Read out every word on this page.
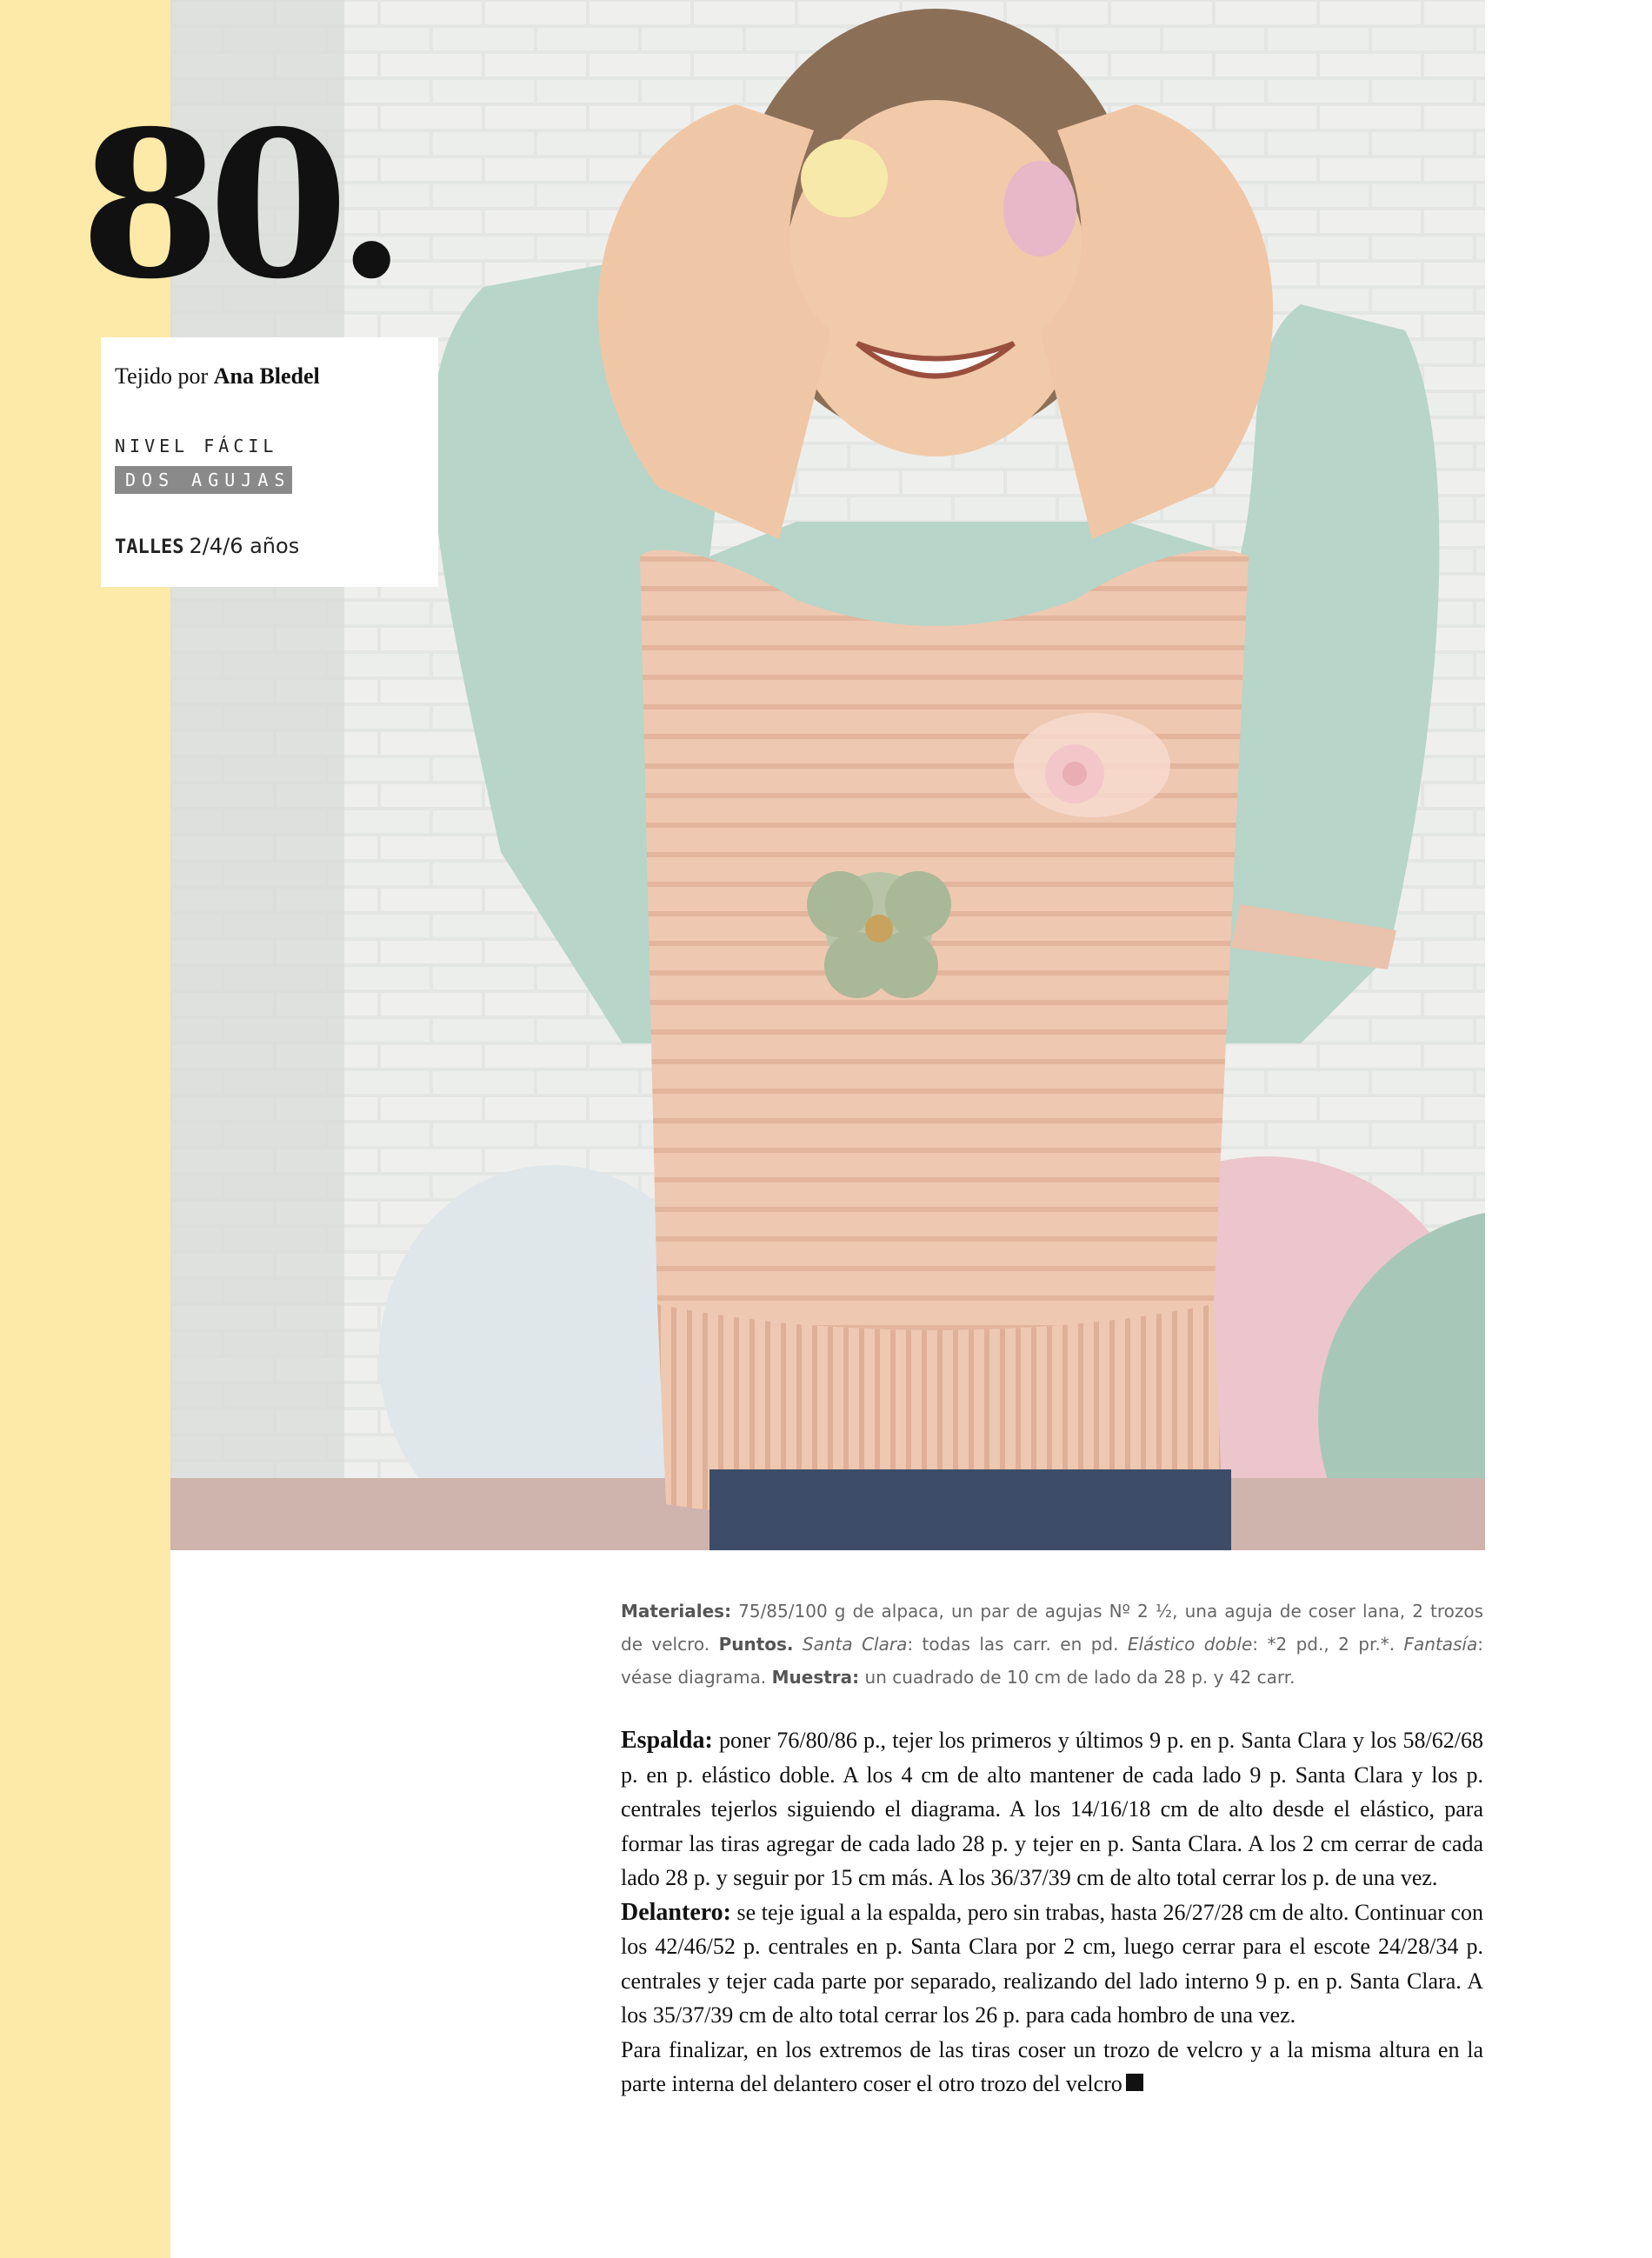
80.
Tejido por Ana Bledel
NIVEL FÁCIL
DOS AGUJAS
TALLES 2/4/6 años

Materiales: 75/85/100 g de alpaca, un par de agujas Nº 2 ½, una aguja de coser lana, 2 trozos de velcro. Puntos. Santa Clara: todas las carr. en pd. Elástico doble: *2 pd., 2 pr.*. Fantasía: véase diagrama. Muestra: un cuadrado de 10 cm de lado da 28 p. y 42 carr.

Espalda: poner 76/80/86 p., tejer los primeros y últimos 9 p. en p. Santa Clara y los 58/62/68 p. en p. elástico doble. A los 4 cm de alto mantener de cada lado 9 p. Santa Clara y los p. centrales tejerlos siguiendo el diagrama. A los 14/16/18 cm de alto desde el elástico, para formar las tiras agregar de cada lado 28 p. y tejer en p. Santa Clara. A los 2 cm cerrar de cada lado 28 p. y seguir por 15 cm más. A los 36/37/39 cm de alto total cerrar los p. de una vez.

Delantero: se teje igual a la espalda, pero sin trabas, hasta 26/27/28 cm de alto. Continuar con los 42/46/52 p. centrales en p. Santa Clara por 2 cm, luego cerrar para el escote 24/28/34 p. centrales y tejer cada parte por separado, realizando del lado interno 9 p. en p. Santa Clara. A los 35/37/39 cm de alto total cerrar los 26 p. para cada hombro de una vez.

Para finalizar, en los extremos de las tiras coser un trozo de velcro y a la misma altura en la parte interna del delantero coser el otro trozo del velcro
